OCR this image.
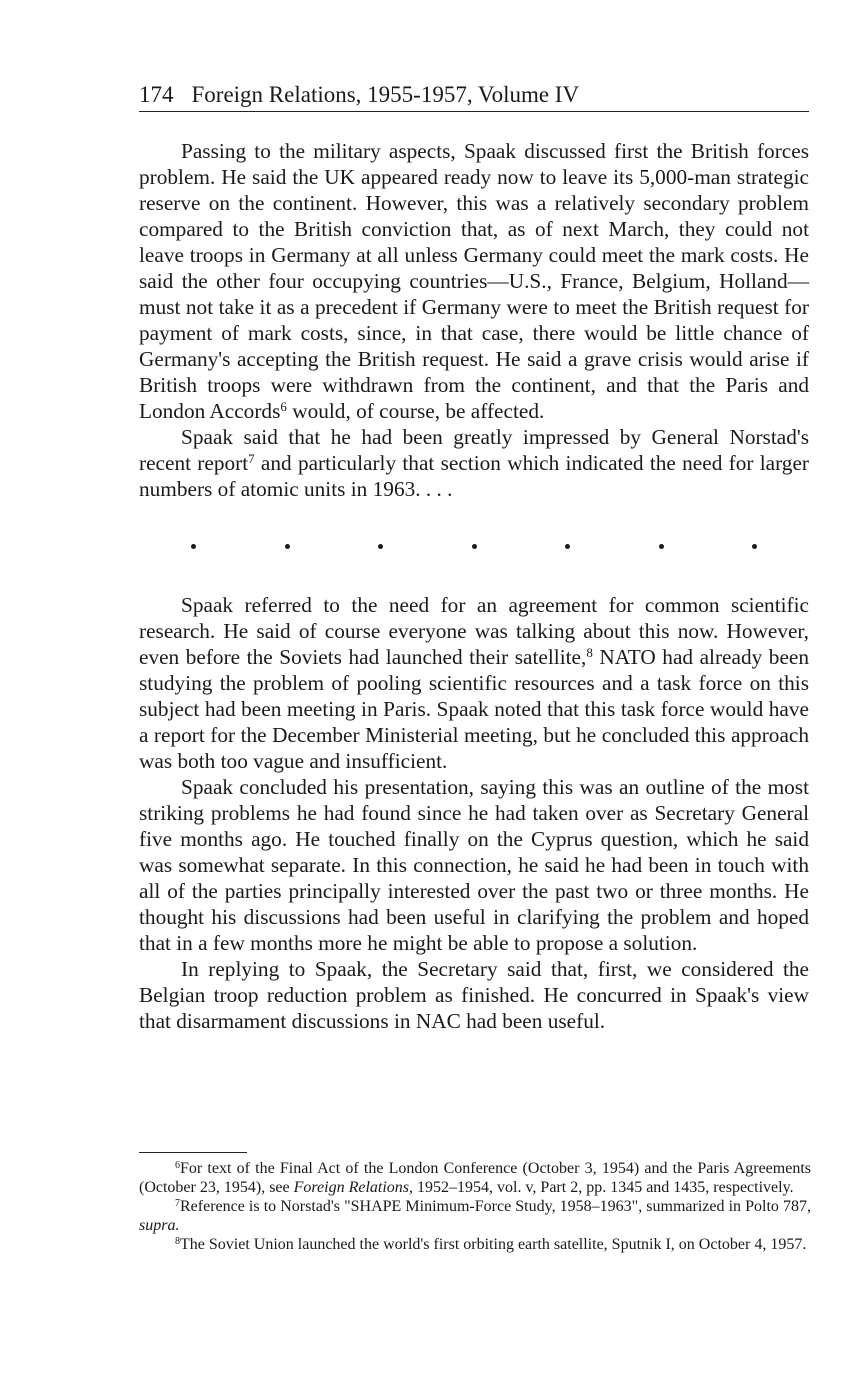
174 Foreign Relations, 1955-1957, Volume IV

Passing to the military aspects, Spaak discussed first the British forces problem. He said the UK appeared ready now to leave its 5,000-man strategic reserve on the continent. However, this was a relatively secondary problem compared to the British conviction that, as of next March, they could not leave troops in Germany at all unless Germany could meet the mark costs. He said the other four occupying countries—U.S., France, Belgium, Holland—must not take it as a precedent if Germany were to meet the British request for payment of mark costs, since, in that case, there would be little chance of Germany's accepting the British request. He said a grave crisis would arise if British troops were withdrawn from the continent, and that the Paris and London Accords$^6$ would, of course, be affected.

Spaak said that he had been greatly impressed by General Norstad's recent report$^7$ and particularly that section which indicated the need for larger numbers of atomic units in 1963. . . .

Spaak referred to the need for an agreement for common scientific research. He said of course everyone was talking about this now. However, even before the Soviets had launched their satellite,$^8$ NATO had already been studying the problem of pooling scientific resources and a task force on this subject had been meeting in Paris. Spaak noted that this task force would have a report for the December Ministerial meeting, but he concluded this approach was both too vague and insufficient.

Spaak concluded his presentation, saying this was an outline of the most striking problems he had found since he had taken over as Secretary General five months ago. He touched finally on the Cyprus question, which he said was somewhat separate. In this connection, he said he had been in touch with all of the parties principally interested over the past two or three months. He thought his discussions had been useful in clarifying the problem and hoped that in a few months more he might be able to propose a solution.

In replying to Spaak, the Secretary said that, first, we considered the Belgian troop reduction problem as finished. He concurred in Spaak's view that disarmament discussions in NAC had been useful.

$^6$For text of the Final Act of the London Conference (October 3, 1954) and the Paris Agreements (October 23, 1954), see Foreign Relations, 1952–1954, vol. v, Part 2, pp. 1345 and 1435, respectively.

$^7$Reference is to Norstad's "SHAPE Minimum-Force Study, 1958–1963", summarized in Polto 787, supra.

$^8$The Soviet Union launched the world's first orbiting earth satellite, Sputnik I, on October 4, 1957.
